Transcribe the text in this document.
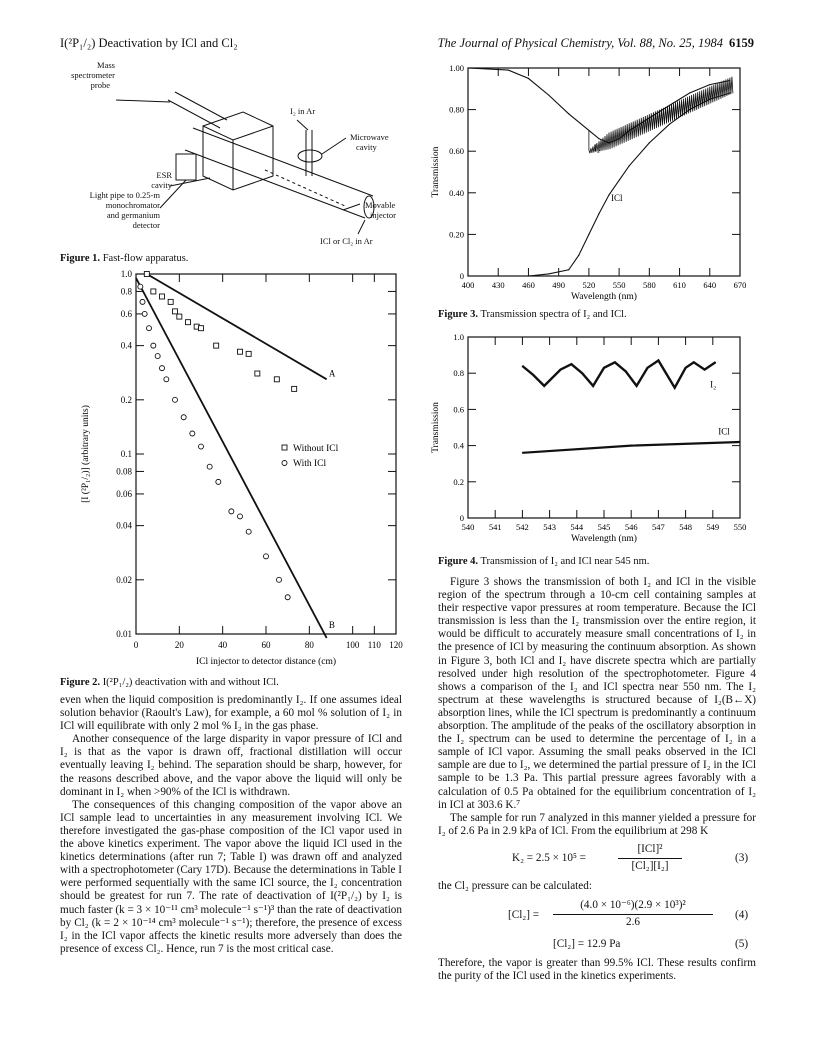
I(²P₁/₂) Deactivation by ICl and Cl₂	The Journal of Physical Chemistry, Vol. 88, No. 25, 1984 6159
Mass
spectrometer
probe
I₂ in Ar
Microwave
cavity
ESR
cavity
Light pipe to 0.25-m
monochromator
and germanium
detector
Movable
injector
ICl or Cl₂ in Ar
Figure 1. Fast-flow apparatus.
0	20	40	60	80	100 110 120
1.0
0.8
0.6
0.4
0.2
0.1
0.08
0.06
0.04
0.02
0.01
ICl injector to detector distance (cm)
[I (²P₁/₂)] (arbitrary units)
A
B
Without ICl
With ICl
Figure 2. I(²P₁/₂) deactivation with and without ICl.
400 430 460 490 520 550 580 610 640 670
1.00
0.80
0.60
0.40
0.20
0
Wavelength (nm)
Transmission	I₂
ICl
Figure 3. Transmission spectra of I₂ and ICl.
540 541 542 543 544 545 546 547 548 549 550
1.0
0.8
0.6
0.4
0.2
0
Wavelength (nm)
Transmission
I₂
ICl
Figure 4. Transmission of I₂ and ICl near 545 nm.

even when the liquid composition is predominantly I₂. If one assumes ideal solution behavior (Raoult's Law), for example, a 60 mol % solution of I₂ in ICl will equilibrate with only 2 mol % I₂ in the gas phase.

Another consequence of the large disparity in vapor pressure of ICl and I₂ is that as the vapor is drawn off, fractional distillation will occur eventually leaving I₂ behind. The separation should be sharp, however, for the reasons described above, and the vapor above the liquid will only be dominant in I₂ when >90% of the ICl is withdrawn.

The consequences of this changing composition of the vapor above an ICl sample lead to uncertainties in any measurement involving ICl. We therefore investigated the gas-phase composition of the ICl vapor used in the above kinetics experiment. The vapor above the liquid ICl used in the kinetics determinations (after run 7; Table I) was drawn off and analyzed with a spectrophotometer (Cary 17D). Because the determinations in Table I were performed sequentially with the same ICl source, the I₂ concentration should be greatest for run 7. The rate of deactivation of I(²P₁/₂) by I₂ is much faster (k = 3 × 10⁻¹¹ cm³ molecule⁻¹ s⁻¹)³ than the rate of deactivation by Cl₂ (k = 2 × 10⁻¹⁴ cm³ molecule⁻¹ s⁻¹); therefore, the presence of excess I₂ in the ICl vapor affects the kinetic results more adversely than does the presence of excess Cl₂. Hence, run 7 is the most critical case.

Figure 3 shows the transmission of both I₂ and ICl in the visible region of the spectrum through a 10-cm cell containing samples at their respective vapor pressures at room temperature. Because the ICl transmission is less than the I₂ transmission over the entire region, it would be difficult to accurately measure small concentrations of I₂ in the presence of ICl by measuring the continuum absorption. As shown in Figure 3, both ICl and I₂ have discrete spectra which are partially resolved under high resolution of the spectrophotometer. Figure 4 shows a comparison of the I₂ and ICl spectra near 550 nm. The I₂ spectrum at these wavelengths is structured because of I₂(B←X) absorption lines, while the ICl spectrum is predominantly a continuum absorption. The amplitude of the peaks of the oscillatory absorption in the I₂ spectrum can be used to determine the percentage of I₂ in a sample of ICl vapor. Assuming the small peaks observed in the ICl sample are due to I₂, we determined the partial pressure of I₂ in the ICl sample to be 1.3 Pa. This partial pressure agrees favorably with a calculation of 0.5 Pa obtained for the equilibrium concentration of I₂ in ICl at 303.6 K.⁷

The sample for run 7 analyzed in this manner yielded a pressure for I₂ of 2.6 Pa in 2.9 kPa of ICl. From the equilibrium at 298 K

K₂ = 2.5 × 10⁵ =
[ICl]²
[Cl₂][I₂]
(3)
the Cl₂ pressure can be calculated:
[Cl₂] =
(4.0 × 10⁻⁶)(2.9 × 10³)²
2.6
(4)
[Cl₂] = 12.9 Pa	(5)
Therefore, the vapor is greater than 99.5% ICl. These results confirm the purity of the ICl used in the kinetics experiments.
